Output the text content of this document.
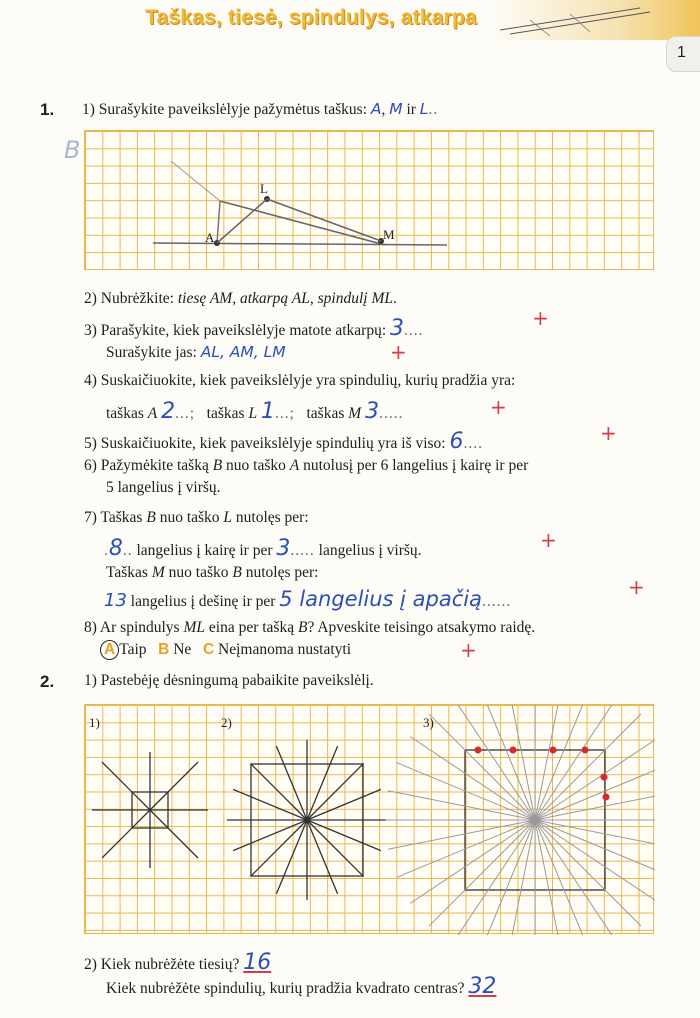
Taškas, tiesė, spindulys, atkarpa
1
1. 1) Surašykite paveikslėlyje pažymėtus taškus: A, M ir L..
L
A	M
B
2) Nubrėžkite: tiesę AM, atkarpą AL, spindulį ML.
3) Parašykite, kiek paveikslėlyje matote atkarpų: 3....
+
Surašykite jas: AL, AM, LM	+
4) Suskaičiuokite, kiek paveikslėlyje yra spindulių, kurių pradžia yra:
taškas A 2...; taškas L 1...; taškas M 3.....	+
5) Suskaičiuokite, kiek paveikslėlyje spindulių yra iš viso: 6....	+
6) Pažymėkite tašką B nuo taško A nutolusį per 6 langelius į kairę ir per
5 langelius į viršų.
7) Taškas B nuo taško L nutolęs per:
.8.. langelius į kairę ir per 3..... langelius į viršų.	+
Taškas M nuo taško B nutolęs per:
13 langelius į dešinę ir per 5 langelius į apačią......
+
8) Ar spindulys ML eina per tašką B? Apveskite teisingo atsakymo raidę.
A Taip B Ne C Neįmanoma nustatyti	+
2. 1) Pastebėję dėsningumą pabaikite paveikslėlį.
1)	2)	3)
2) Kiek nubrėžėte tiesių? 16
Kiek nubrėžėte spindulių, kurių pradžia kvadrato centras? 32
